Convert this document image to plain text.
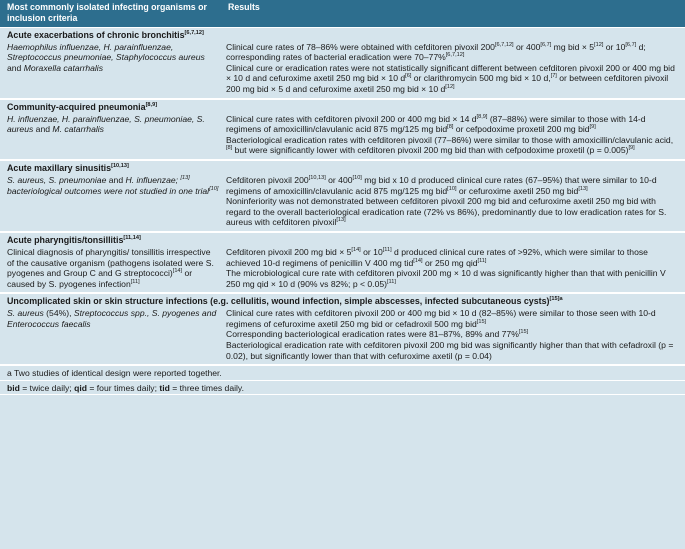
Most commonly isolated infecting organisms or inclusion criteria
Results
Acute exacerbations of chronic bronchitis[6,7,12]
Haemophilus influenzae, H. parainfluenzae, Streptococcus pneumoniae, Staphylococcus aureus and Moraxella catarrhalis
Clinical cure rates of 78–86% were obtained with cefditoren pivoxil 200[6,7,12] or 400[6,7] mg bid × 5[12] or 10[6,7] d; corresponding rates of bacterial eradication were 70–77%[6,7,12]
Clinical cure or eradication rates were not statistically significant different between cefditoren pivoxil 200 or 400 mg bid × 10 d and cefuroxime axetil 250 mg bid × 10 d[6] or clarithromycin 500 mg bid × 10 d,[7] or between cefditoren pivoxil 200 mg bid × 5 d and cefuroxime axetil 250 mg bid × 10 d[12]
Community-acquired pneumonia[8,9]
H. influenzae, H. parainfluenzae, S. pneumoniae, S. aureus and M. catarrhalis
Clinical cure rates with cefditoren pivoxil 200 or 400 mg bid × 14 d[8,9] (87–88%) were similar to those with 14-d regimens of amoxicillin/clavulanic acid 875 mg/125 mg bid[8] or cefpodoxime proxetil 200 mg bid[9]
Bacteriological eradication rates with cefditoren pivoxil (77–86%) were similar to those with amoxicillin/clavulanic acid,[8] but were significantly lower with cefditoren pivoxil 200 mg bid than with cefpodoxime proxetil (p = 0.005)[9]
Acute maxillary sinusitis[10,13]
S. aureus, S. pneumoniae and H. influenzae; [13] bacteriological outcomes were not studied in one trial[10]
Cefditoren pivoxil 200[10,13] or 400[10] mg bid x 10 d produced clinical cure rates (67–95%) that were similar to 10-d regimens of amoxicillin/clavulanic acid 875 mg/125 mg bid[10] or cefuroxime axetil 250 mg bid[13]
Noninferiority was not demonstrated between cefditoren pivoxil 200 mg bid and cefuroxime axetil 250 mg bid with regard to the overall bacteriological eradication rate (72% vs 86%), predominantly due to low eradication rates for S. aureus with cefditoren pivoxil[13]
Acute pharyngitis/tonsillitis[11,14]
Clinical diagnosis of pharyngitis/ tonsillitis irrespective of the causative organism (pathogens isolated were S. pyogenes and Group C and G streptococci)[14] or caused by S. pyogenes infection[11]
Cefditoren pivoxil 200 mg bid × 5[14] or 10[11] d produced clinical cure rates of >92%, which were similar to those achieved 10-d regimens of penicillin V 400 mg tid[14] or 250 mg qid[11]
The microbiological cure rate with cefditoren pivoxil 200 mg × 10 d was significantly higher than that with penicillin V 250 mg qid × 10 d (90% vs 82%; p < 0.05)[11]
Uncomplicated skin or skin structure infections (e.g. cellulitis, wound infection, simple abscesses, infected subcutaneous cysts)$^{[15]a}$
S. aureus (54%), Streptococcus spp., S. pyogenes and Enterococcus faecalis
Clinical cure rates with cefditoren pivoxil 200 or 400 mg bid × 10 d (82–85%) were similar to those seen with 10-d regimens of cefuroxime axetil 250 mg bid or cefadroxil 500 mg bid[15]
Corresponding bacteriological eradication rates were 81–87%, 89% and 77%[15]
Bacteriological eradication rate with cefditoren pivoxil 200 mg bid was significantly higher than that with cefadroxil (p = 0.02), but significantly lower than that with cefuroxime axetil (p = 0.04)
a Two studies of identical design were reported together.
bid = twice daily; qid = four times daily; tid = three times daily.
